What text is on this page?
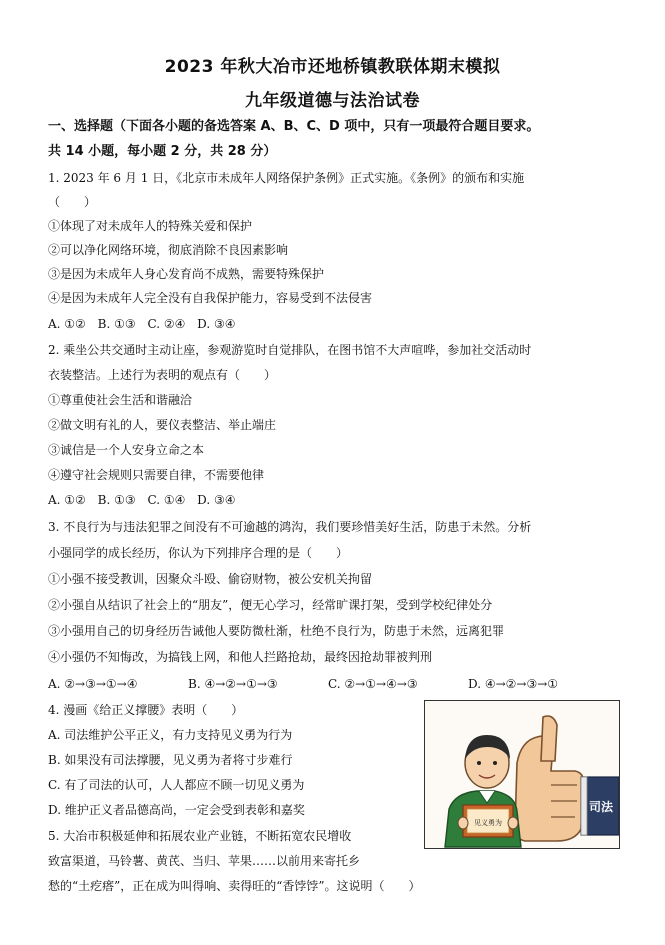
2023 年秋大冶市还地桥镇教联体期末模拟
九年级道德与法治试卷
一、选择题（下面各小题的备选答案 A、B、C、D 项中，只有一项最符合题目要求。
共 14 小题，每小题 2 分，共 28 分）
1. 2023 年 6 月 1 日，《北京市未成年人网络保护条例》正式实施。《条例》的颁布和实施
（　　）
①体现了对未成年人的特殊关爱和保护
②可以净化网络环境，彻底消除不良因素影响
③是因为未成年人身心发育尚不成熟，需要特殊保护
④是因为未成年人完全没有自我保护能力，容易受到不法侵害
A. ①② B. ①③ C. ②④ D. ③④
2. 乘坐公共交通时主动让座，参观游览时自觉排队，在图书馆不大声喧哗，参加社交活动时
衣装整洁。上述行为表明的观点有（　　）
①尊重使社会生活和谐融洽
②做文明有礼的人，要仪表整洁、举止端庄
③诚信是一个人安身立命之本
④遵守社会规则只需要自律，不需要他律
A. ①② B. ①③ C. ①④ D. ③④
3. 不良行为与违法犯罪之间没有不可逾越的鸿沟，我们要珍惜美好生活，防患于未然。分析
小强同学的成长经历，你认为下列排序合理的是（　　）
①小强不接受教训，因聚众斗殴、偷窃财物，被公安机关拘留
②小强自从结识了社会上的“朋友”，便无心学习，经常旷课打架，受到学校纪律处分
③小强用自己的切身经历告诫他人要防微杜渐，杜绝不良行为，防患于未然，远离犯罪
④小强仍不知悔改，为搞钱上网，和他人拦路抢劫，最终因抢劫罪被判刑
A. ②→③→①→④	B. ④→②→①→③	C. ②→①→④→③	D. ④→②→③→①
4. 漫画《给正义撑腰》表明（　　）
A. 司法维护公平正义，有力支持见义勇为行为
B. 如果没有司法撑腰，见义勇为者将寸步难行
C. 有了司法的认可，人人都应不顾一切见义勇为
D. 维护正义者品德高尚，一定会受到表彰和嘉奖
5. 大冶市积极延伸和拓展农业产业链，不断拓宽农民增收
致富渠道，马铃薯、黄芪、当归、苹果……以前用来寄托乡
愁的“土疙瘩”，正在成为叫得响、卖得旺的“香饽饽”。这说明（　　）
司法
见义勇为
